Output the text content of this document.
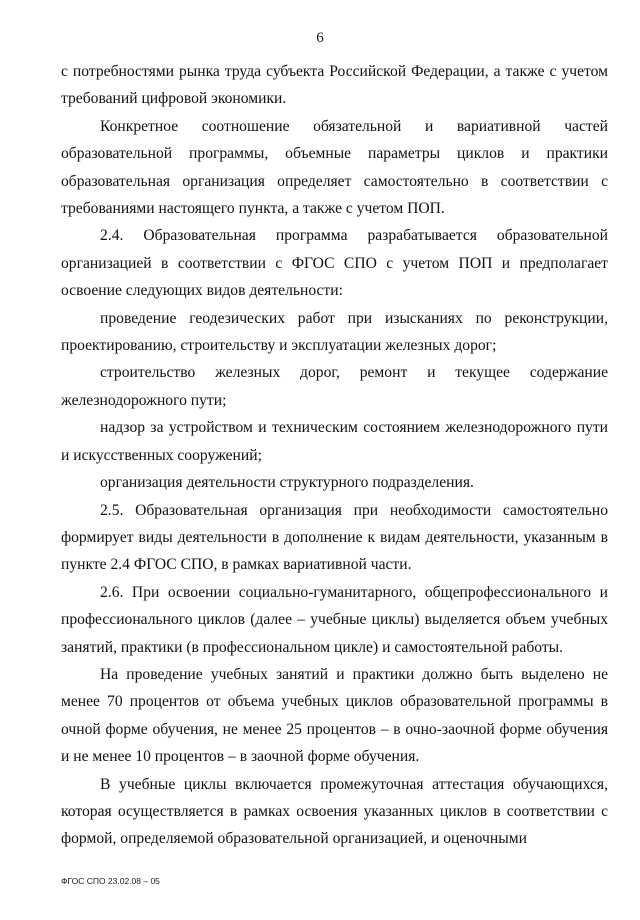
6

с потребностями рынка труда субъекта Российской Федерации, а также с учетом требований цифровой экономики.

Конкретное соотношение обязательной и вариативной частей образовательной программы, объемные параметры циклов и практики образовательная организация определяет самостоятельно в соответствии с требованиями настоящего пункта, а также с учетом ПОП.

2.4. Образовательная программа разрабатывается образовательной организацией в соответствии с ФГОС СПО с учетом ПОП и предполагает освоение следующих видов деятельности:

проведение геодезических работ при изысканиях по реконструкции, проектированию, строительству и эксплуатации железных дорог;

строительство железных дорог, ремонт и текущее содержание железнодорожного пути;

надзор за устройством и техническим состоянием железнодорожного пути и искусственных сооружений;

организация деятельности структурного подразделения.

2.5. Образовательная организация при необходимости самостоятельно формирует виды деятельности в дополнение к видам деятельности, указанным в пункте 2.4 ФГОС СПО, в рамках вариативной части.

2.6. При освоении социально-гуманитарного, общепрофессионального и профессионального циклов (далее – учебные циклы) выделяется объем учебных занятий, практики (в профессиональном цикле) и самостоятельной работы.

На проведение учебных занятий и практики должно быть выделено не менее 70 процентов от объема учебных циклов образовательной программы в очной форме обучения, не менее 25 процентов – в очно-заочной форме обучения и не менее 10 процентов – в заочной форме обучения.

В учебные циклы включается промежуточная аттестация обучающихся, которая осуществляется в рамках освоения указанных циклов в соответствии с формой, определяемой образовательной организацией, и оценочными

ФГОС СПО 23.02.08 – 05
